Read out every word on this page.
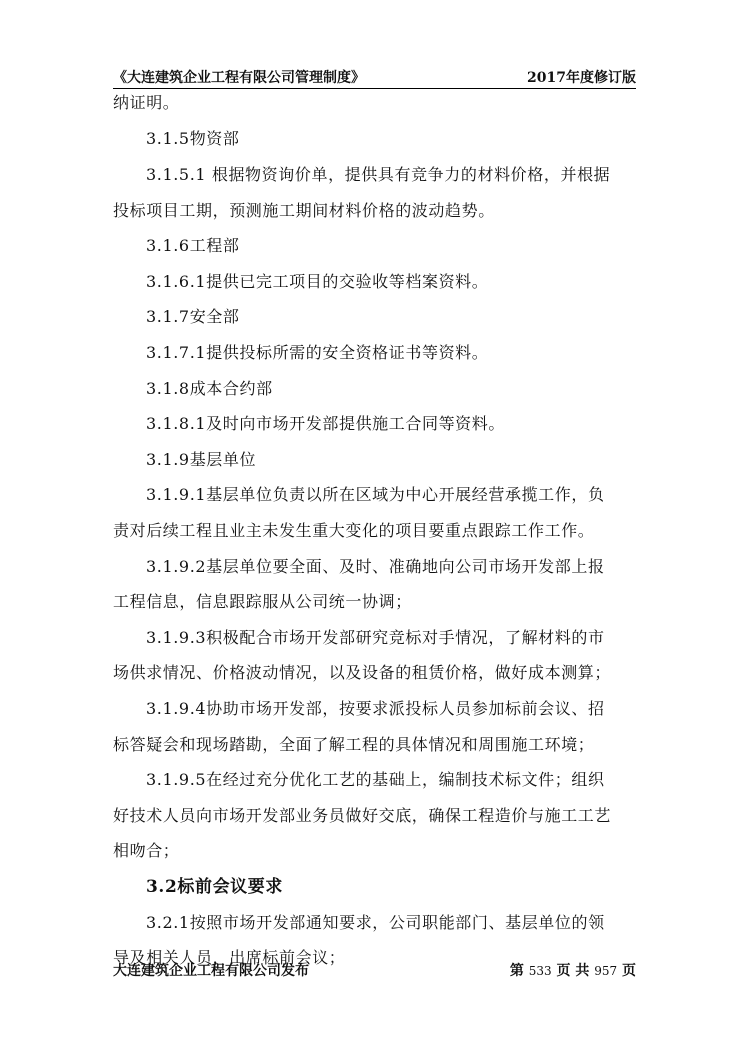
《大连建筑企业工程有限公司管理制度》	2017年度修订版
纳证明。
3.1.5物资部
3.1.5.1 根据物资询价单，提供具有竞争力的材料价格，并根据
投标项目工期，预测施工期间材料价格的波动趋势。
3.1.6工程部
3.1.6.1提供已完工项目的交验收等档案资料。
3.1.7安全部
3.1.7.1提供投标所需的安全资格证书等资料。
3.1.8成本合约部
3.1.8.1及时向市场开发部提供施工合同等资料。
3.1.9基层单位
3.1.9.1基层单位负责以所在区域为中心开展经营承揽工作，负
责对后续工程且业主未发生重大变化的项目要重点跟踪工作工作。
3.1.9.2基层单位要全面、及时、准确地向公司市场开发部上报
工程信息，信息跟踪服从公司统一协调；
3.1.9.3积极配合市场开发部研究竞标对手情况，了解材料的市
场供求情况、价格波动情况，以及设备的租赁价格，做好成本测算；
3.1.9.4协助市场开发部，按要求派投标人员参加标前会议、招
标答疑会和现场踏勘，全面了解工程的具体情况和周围施工环境；
3.1.9.5在经过充分优化工艺的基础上，编制技术标文件；组织
好技术人员向市场开发部业务员做好交底，确保工程造价与施工工艺
相吻合；
3.2标前会议要求
3.2.1按照市场开发部通知要求，公司职能部门、基层单位的领
导及相关人员，出席标前会议；
大连建筑企业工程有限公司发布	第 533 页 共 957 页
